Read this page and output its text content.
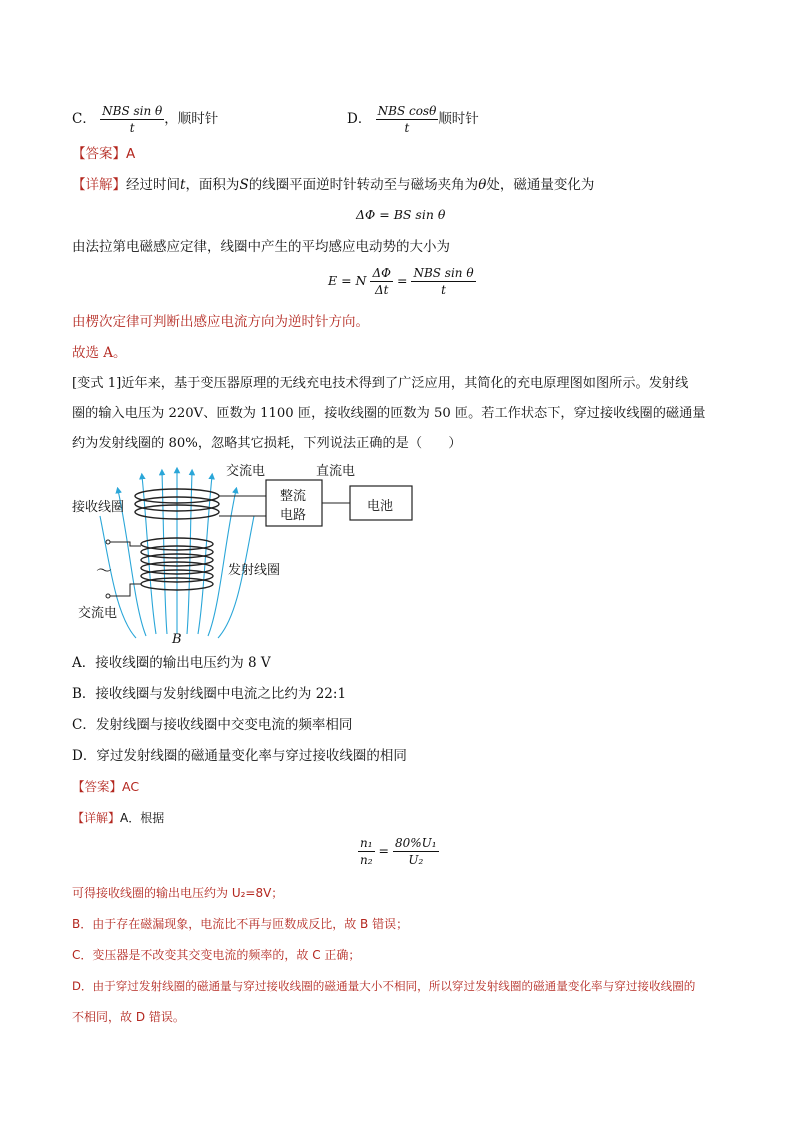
C． $\frac{\text{NBS sin θ}}{t}$ ，顺时针	D． $\frac{\text{NBS cosθ}}{t}$ 顺时针
【答案】A
【详解】经过时间t，面积为S的线圈平面逆时针转动至与磁场夹角为θ处，磁通量变化为
ΔΦ = BS sin θ
由法拉第电磁感应定律，线圈中产生的平均感应电动势的大小为
E = N $\frac{\Delta\Phi}{\Delta t} = \frac{\text{NBS sin θ}}{t}$
由楞次定律可判断出感应电流方向为逆时针方向。
故选 A。
[变式 1]近年来，基于变压器原理的无线充电技术得到了广泛应用，其简化的充电原理图如图所示。发射线
圈的输入电压为 220V、匝数为 1100 匝，接收线圈的匝数为 50 匝。若工作状态下，穿过接收线圈的磁通量
约为发射线圈的 80%，忽略其它损耗，下列说法正确的是（　　）
交流电	直流电
接收线圈
整流
电路
电池
～	发射线圈
交流电
B
A．接收线圈的输出电压约为 8 V
B．接收线圈与发射线圈中电流之比约为 22:1
C．发射线圈与接收线圈中交变电流的频率相同
D．穿过发射线圈的磁通量变化率与穿过接收线圈的相同
【答案】AC
【详解】A．根据
$\frac{\text{n₁}}{\text{n₂}} = \frac{\text{80\%U₁}}{\text{U₂}}$
可得接收线圈的输出电压约为 U₂=8V；
B．由于存在磁漏现象，电流比不再与匝数成反比，故 B 错误；
C．变压器是不改变其交变电流的频率的，故 C 正确；
D．由于穿过发射线圈的磁通量与穿过接收线圈的磁通量大小不相同，所以穿过发射线圈的磁通量变化率与穿过接收线圈的
不相同，故 D 错误。
